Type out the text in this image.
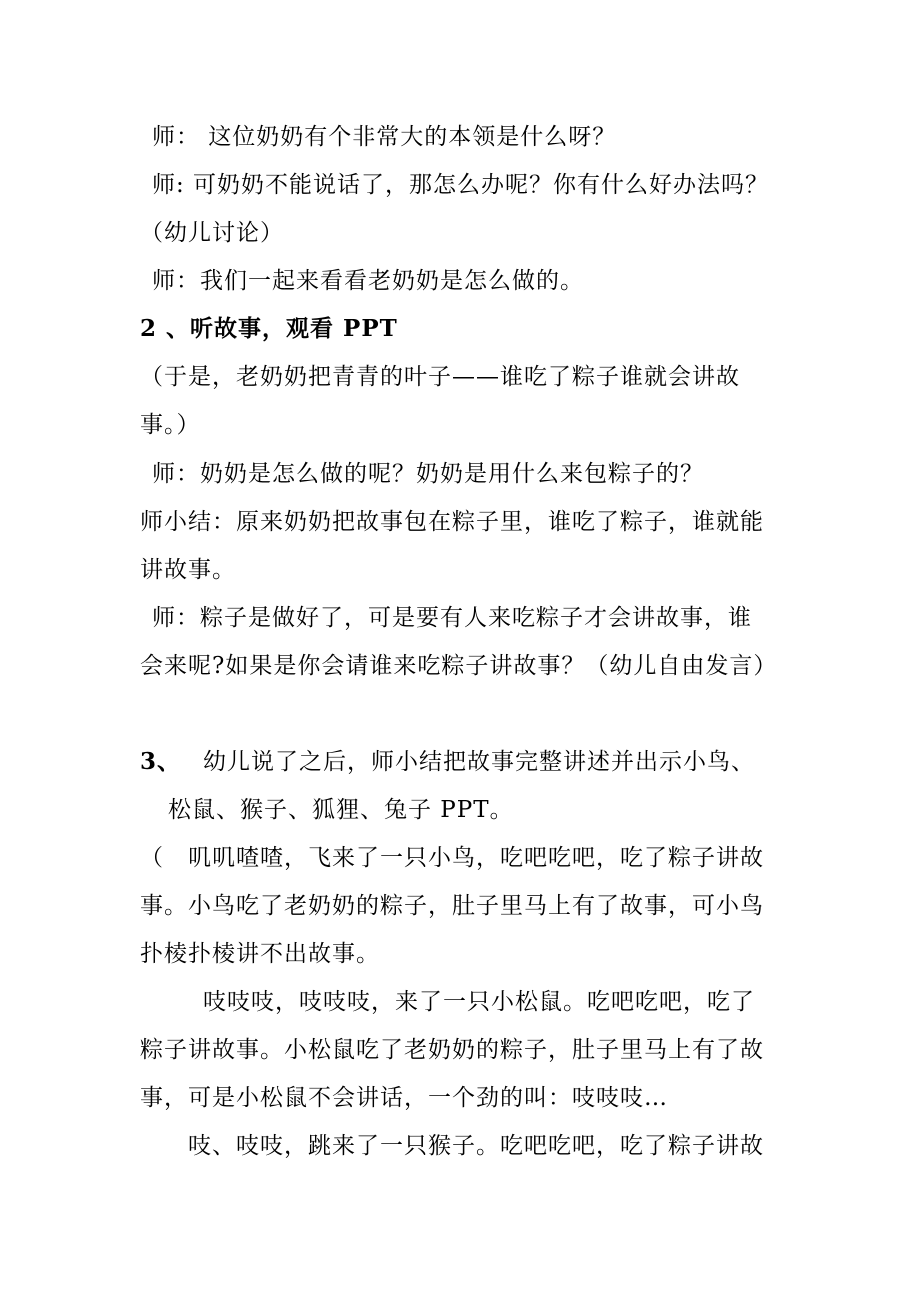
师： 这位奶奶有个非常大的本领是什么呀？
师: 可奶奶不能说话了，那怎么办呢？你有什么好办法吗？
（幼儿讨论）
师：我们一起来看看老奶奶是怎么做的。
2 、听故事，观看 PPT
（于是，老奶奶把青青的叶子——谁吃了粽子谁就会讲故
事。）
师：奶奶是怎么做的呢？奶奶是用什么来包粽子的？
师小结：原来奶奶把故事包在粽子里，谁吃了粽子，谁就能
讲故事。
师：粽子是做好了，可是要有人来吃粽子才会讲故事，谁
会来呢?如果是你会请谁来吃粽子讲故事？（幼儿自由发言）
3、 幼儿说了之后，师小结把故事完整讲述并出示小鸟、
松鼠、猴子、狐狸、兔子 PPT。
（　叽叽喳喳，飞来了一只小鸟，吃吧吃吧，吃了粽子讲故
事。小鸟吃了老奶奶的粽子，肚子里马上有了故事，可小鸟
扑棱扑棱讲不出故事。
吱吱吱，吱吱吱，来了一只小松鼠。吃吧吃吧，吃了
粽子讲故事。小松鼠吃了老奶奶的粽子，肚子里马上有了故
事，可是小松鼠不会讲话，一个劲的叫：吱吱吱…
吱、吱吱，跳来了一只猴子。吃吧吃吧，吃了粽子讲故
